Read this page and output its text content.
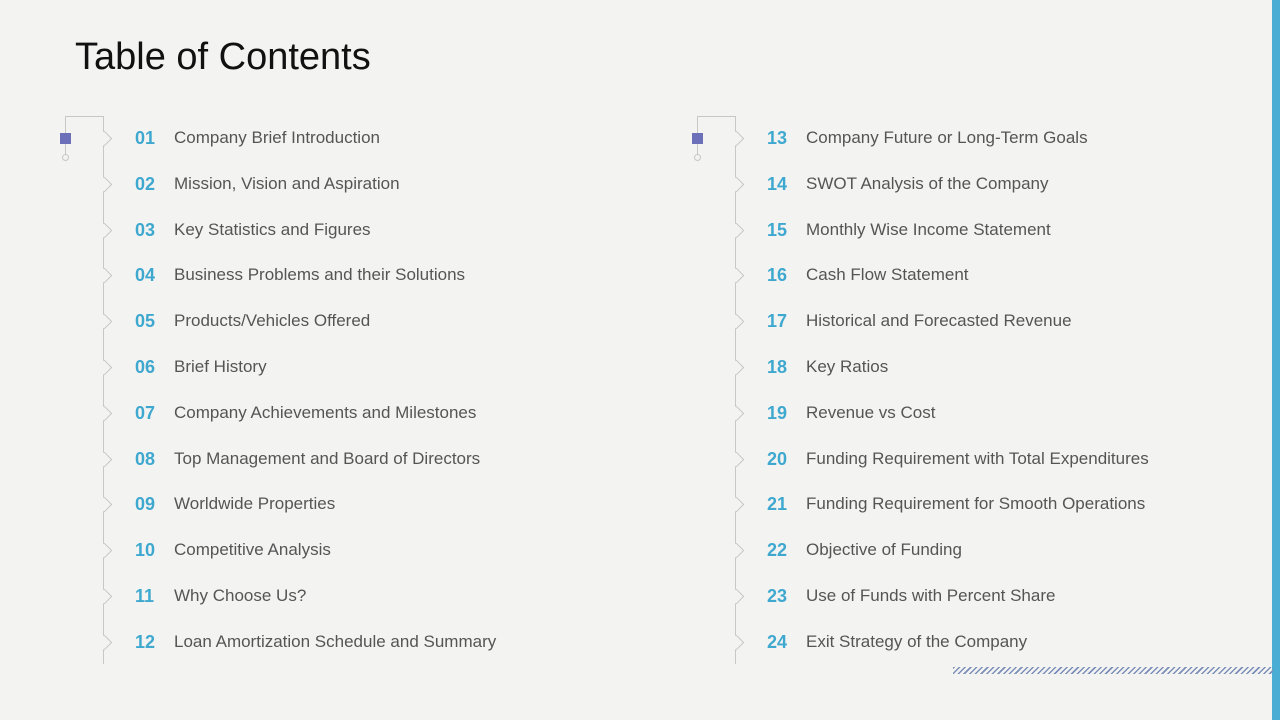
Table of Contents
01 Company Brief Introduction
02 Mission, Vision and Aspiration
03 Key Statistics and Figures
04 Business Problems and their Solutions
05 Products/Vehicles Offered
06 Brief History
07 Company Achievements and Milestones
08 Top Management and Board of Directors
09 Worldwide Properties
10 Competitive Analysis
11 Why Choose Us?
12 Loan Amortization Schedule and Summary
13 Company Future or Long-Term Goals
14 SWOT Analysis of the Company
15 Monthly Wise Income Statement
16 Cash Flow Statement
17 Historical and Forecasted Revenue
18 Key Ratios
19 Revenue vs Cost
20 Funding Requirement with Total Expenditures
21 Funding Requirement for Smooth Operations
22 Objective of Funding
23 Use of Funds with Percent Share
24 Exit Strategy of the Company
